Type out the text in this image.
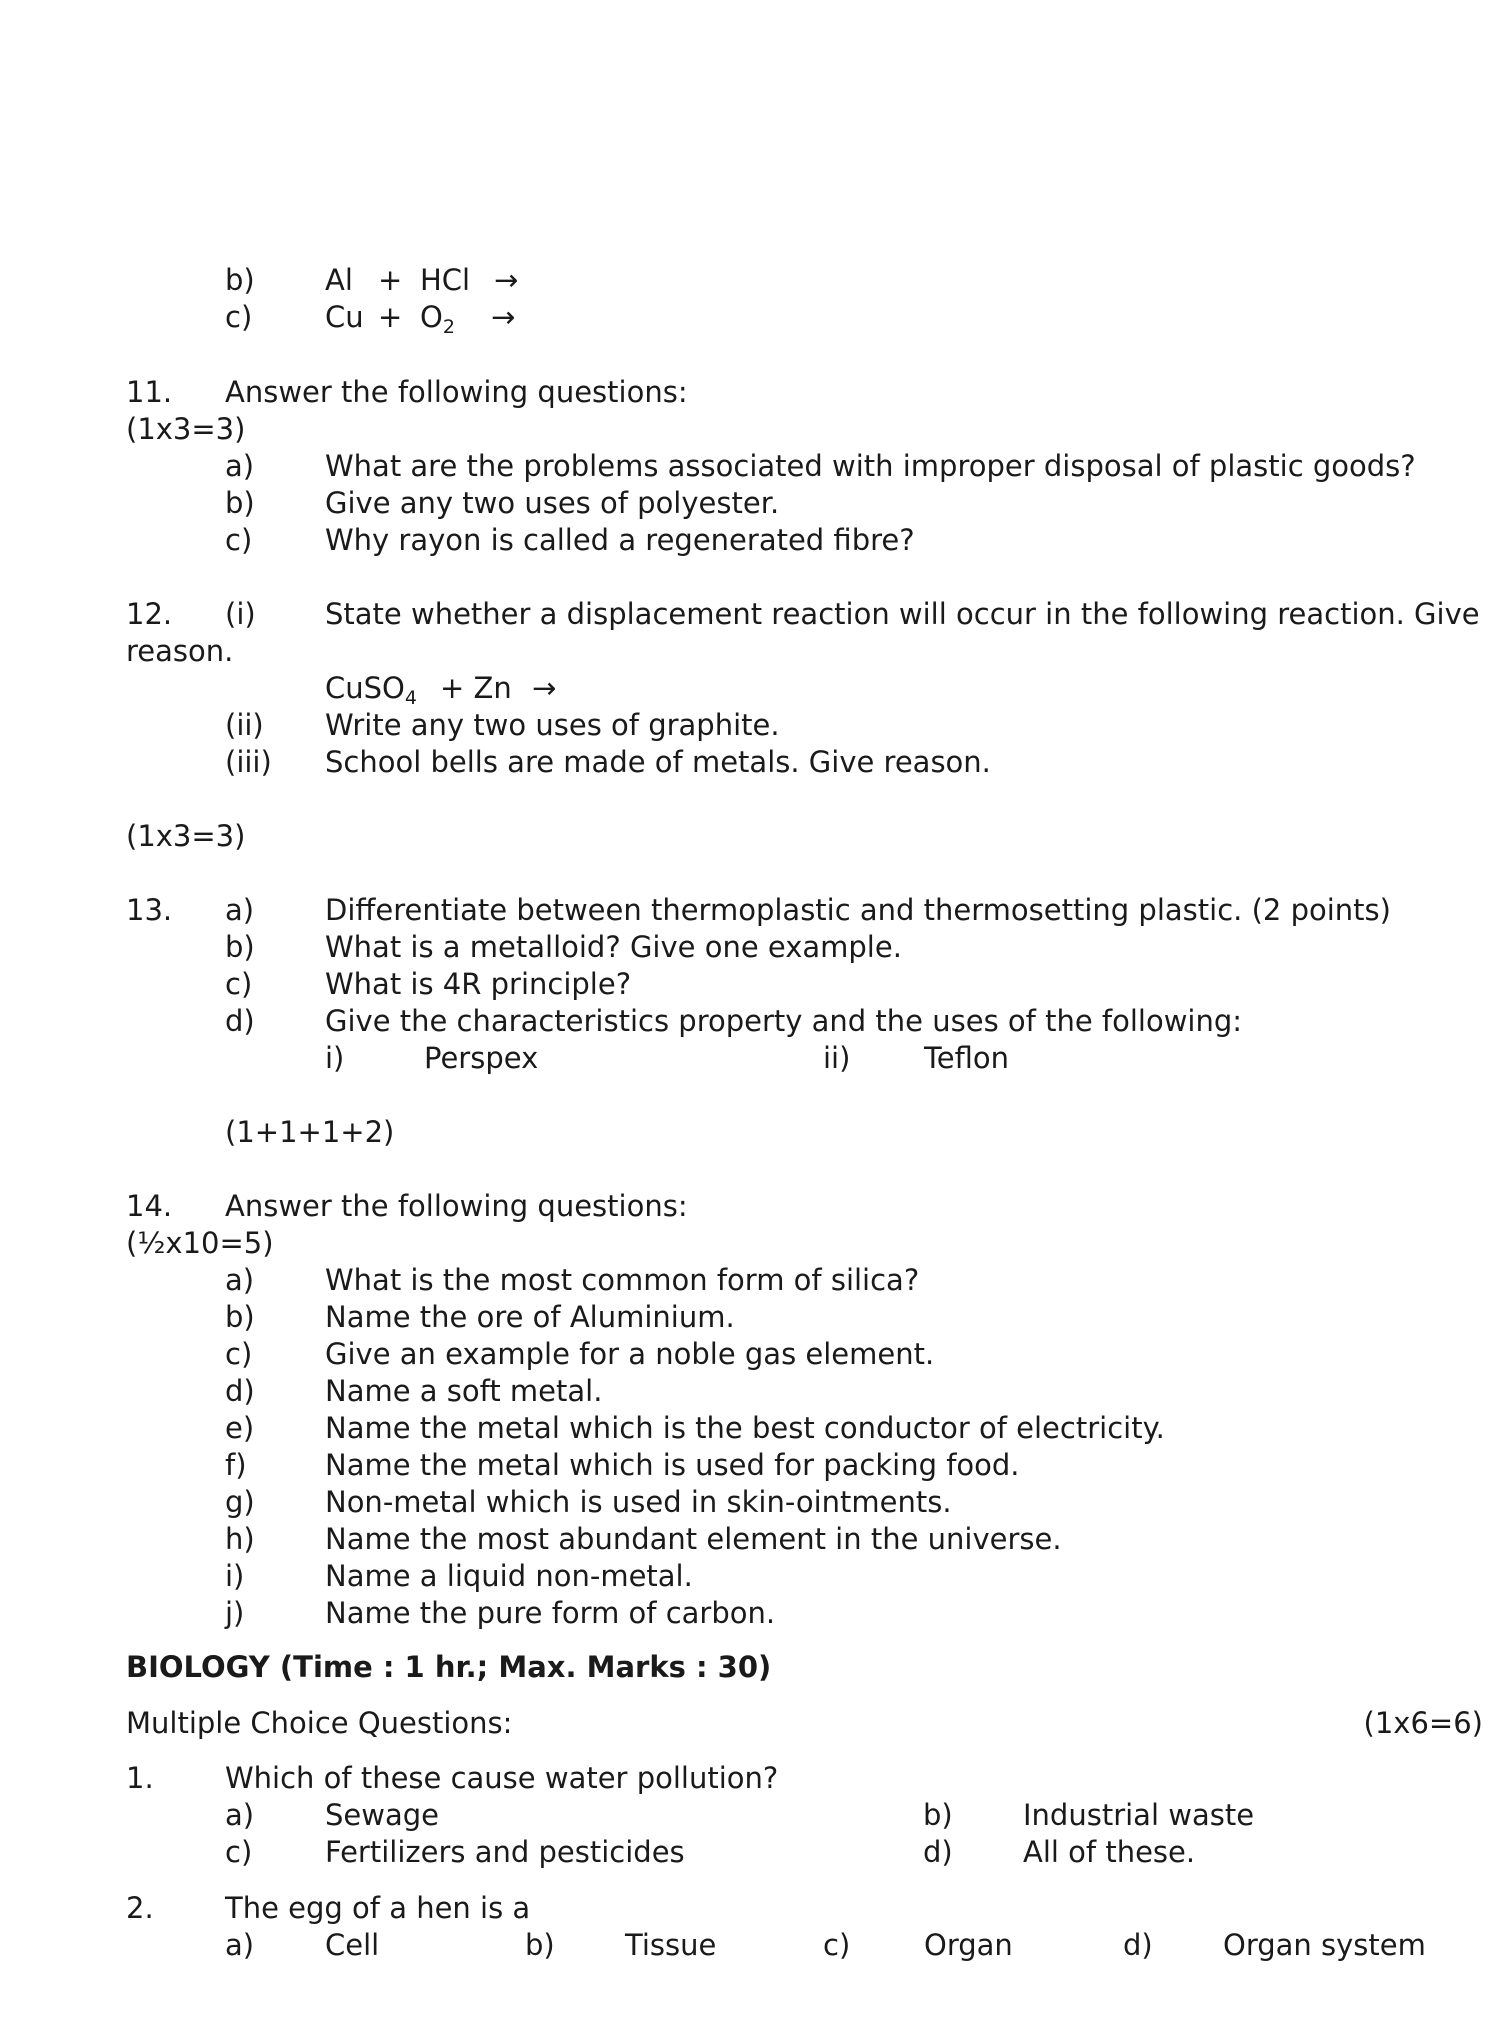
b) Al + HCl →
c)	$Cu + O_2$ →
11. Answer the following questions:
(1x3=3)
a) What are the problems associated with improper disposal of plastic goods?
b) Give any two uses of polyester.
c)	Why rayon is called a regenerated fibre?
12. (i) State whether a displacement reaction will occur in the following reaction. Give
reason.
CuSO$_4$ + Zn →
(ii) Write any two uses of graphite.
(iii) School bells are made of metals. Give reason.
(1x3=3)
13. a) Differentiate between thermoplastic and thermosetting plastic. (2 points)
b) What is a metalloid? Give one example.
c)	What is 4R principle?
d) Give the characteristics property and the uses of the following:
i)	Perspex	ii)	Teflon
(1+1+1+2)
14. Answer the following questions:
(½x10=5)
a) What is the most common form of silica?
b) Name the ore of Aluminium.
c)	Give an example for a noble gas element.
d) Name a soft metal.
e) Name the metal which is the best conductor of electricity.
f)	Name the metal which is used for packing food.
g) Non-metal which is used in skin-ointments.
h) Name the most abundant element in the universe.
i)	Name a liquid non-metal.
j)	Name the pure form of carbon.
BIOLOGY (Time : 1 hr.; Max. Marks : 30)
Multiple Choice Questions:	(1x6=6)
1. Which of these cause water pollution?
a) Sewage	b) Industrial waste
c)	Fertilizers and pesticides	d) All of these.
2. The egg of a hen is a
a) Cell	b) Tissue	c)	Organ	d) Organ system
